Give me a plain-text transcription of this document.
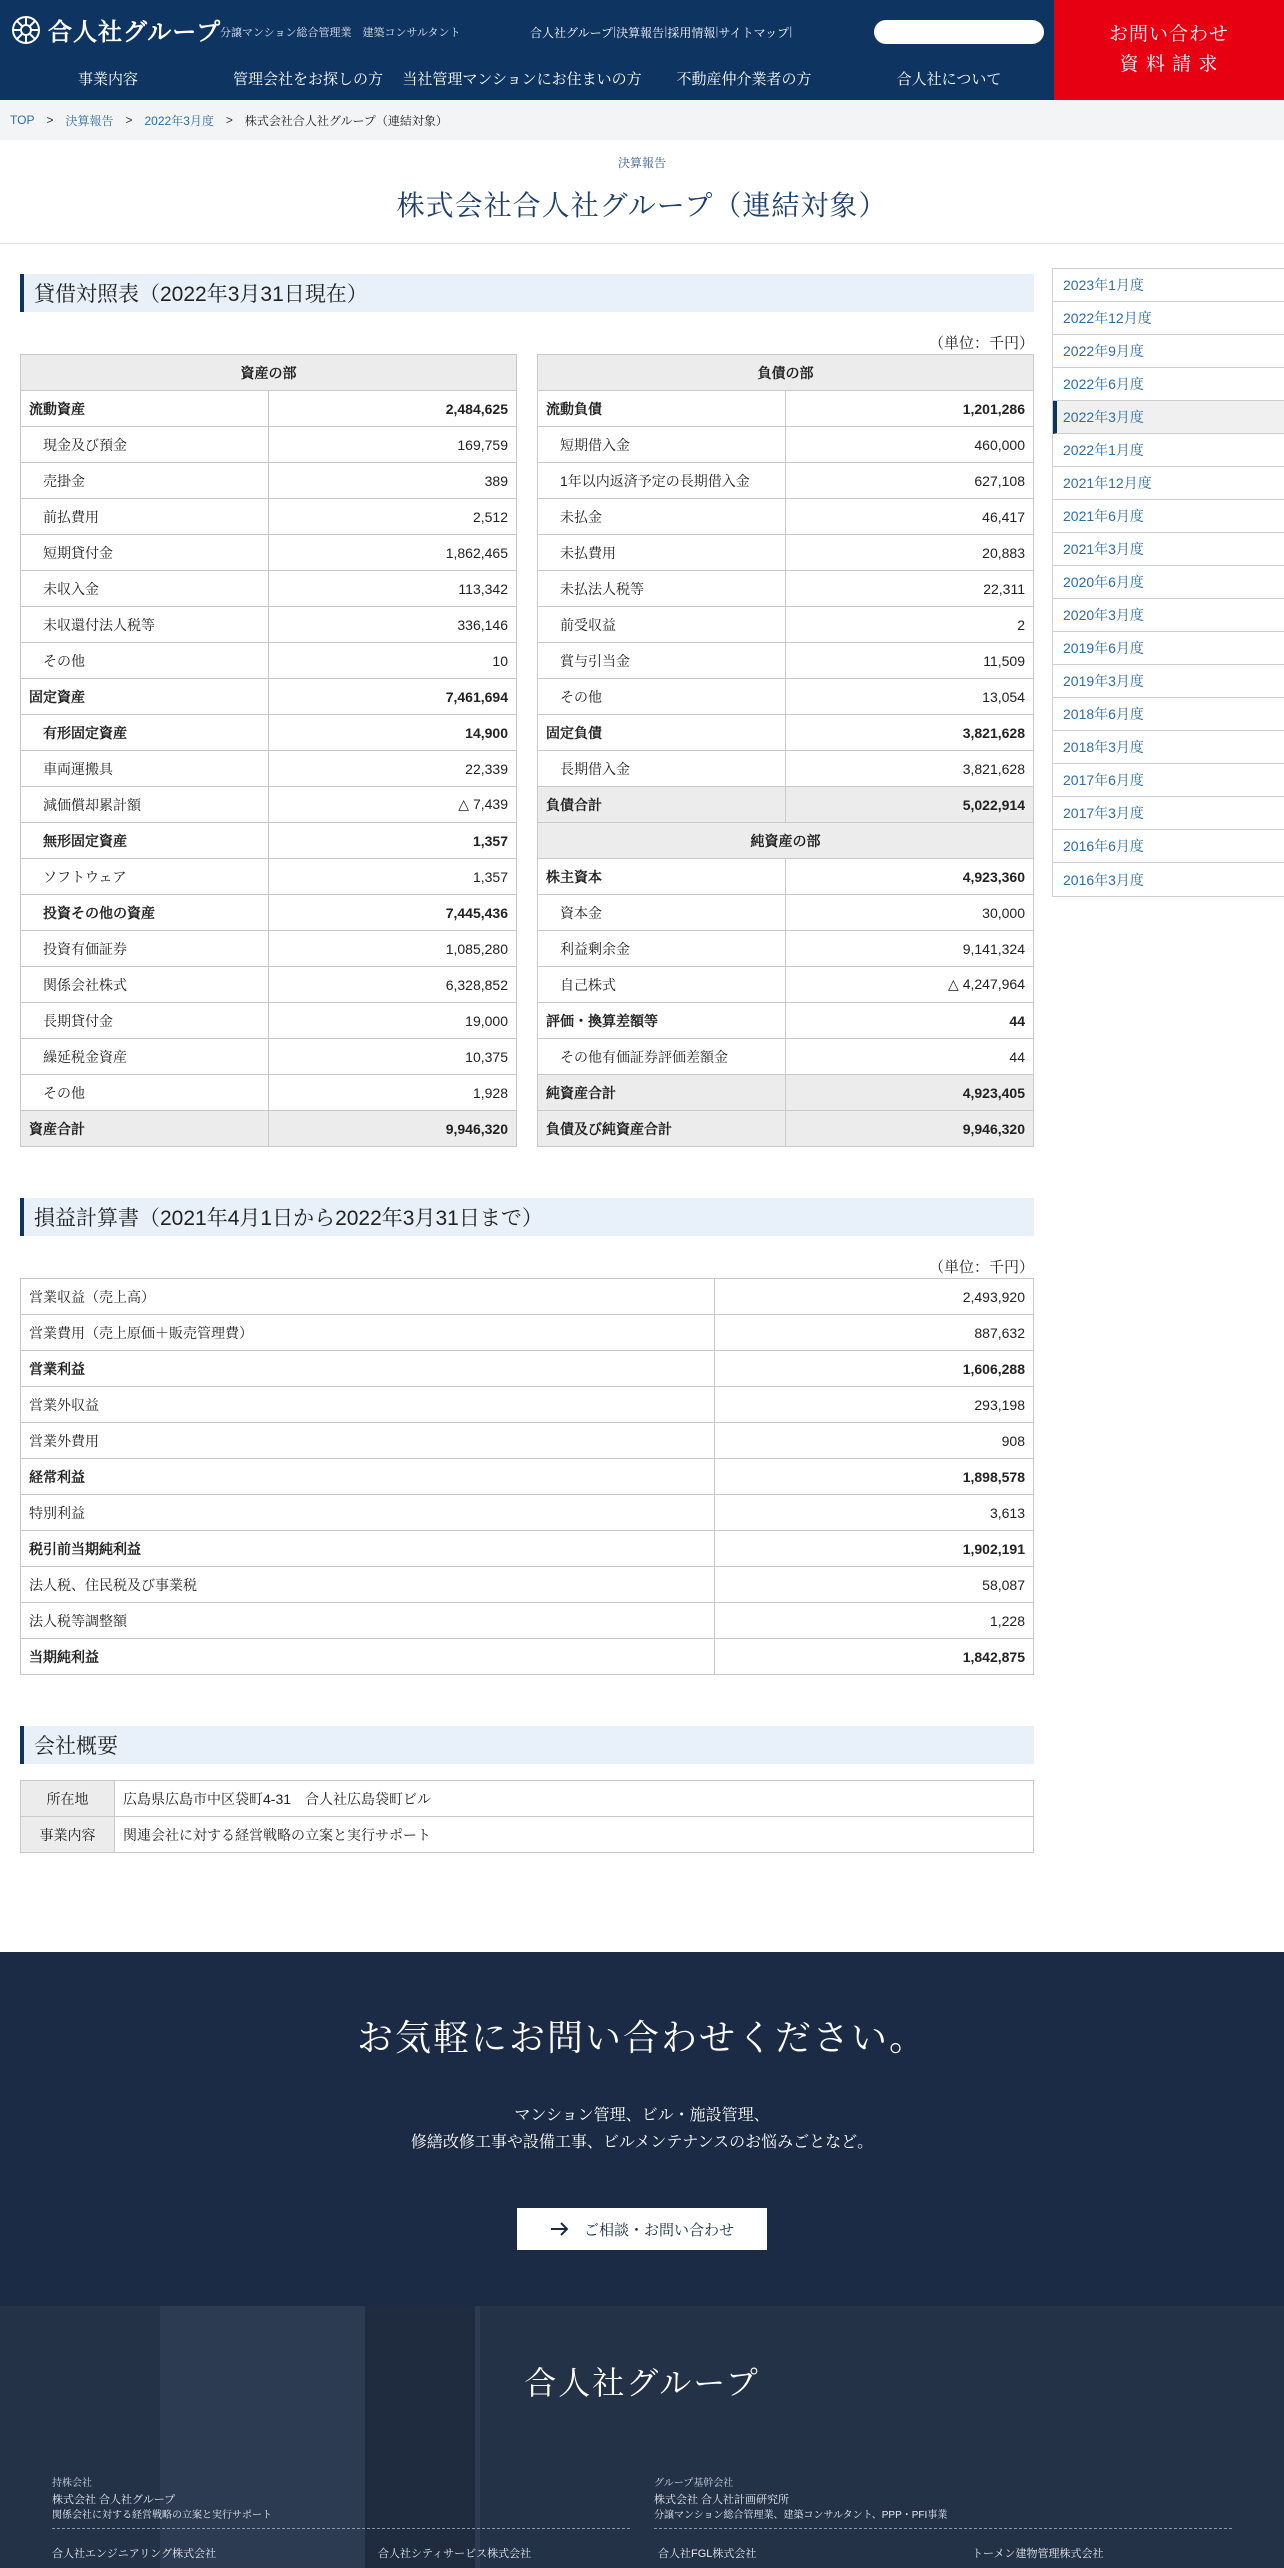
合人社グループ
分譲マンション総合管理業　建築コンサルタント	合人社グループ | 決算報告 | 採用情報 | サイトマップ |	お問い合わせ
資 料 請 求
事業内容	管理会社をお探しの方	当社管理マンションにお住まいの方	不動産仲介業者の方	合人社について
TOP > 決算報告 > 2022年3月度 > 株式会社合人社グループ（連結対象）
決算報告
株式会社合人社グループ（連結対象）
貸借対照表（2022年3月31日現在）
（単位：千円）
資産の部	
流動資産	2,484,625
現金及び預金	169,759
売掛金	389
前払費用	2,512
短期貸付金	1,862,465
未収入金	113,342
未収還付法人税等	336,146
その他	10
固定資産	7,461,694
有形固定資産	14,900
車両運搬具	22,339
減価償却累計額	△ 7,439
無形固定資産	1,357
ソフトウェア	1,357
投資その他の資産	7,445,436
投資有価証券	1,085,280
関係会社株式	6,328,852
長期貸付金	19,000
繰延税金資産	10,375
その他	1,928
資産合計	9,946,320
負債の部	
流動負債	1,201,286
短期借入金	460,000
1年以内返済予定の長期借入金	627,108
未払金	46,417
未払費用	20,883
未払法人税等	22,311
前受収益	2
賞与引当金	11,509
その他	13,054
固定負債	3,821,628
長期借入金	3,821,628
負債合計	5,022,914
純資産の部	
株主資本	4,923,360
資本金	30,000
利益剰余金	9,141,324
自己株式	△ 4,247,964
評価・換算差額等	44
その他有価証券評価差額金	44
純資産合計	4,923,405
負債及び純資産合計	9,946,320
損益計算書（2021年4月1日から2022年3月31日まで）
（単位：千円）
営業収益（売上高）	2,493,920
営業費用（売上原価＋販売管理費）	887,632
営業利益	1,606,288
営業外収益	293,198
営業外費用	908
経常利益	1,898,578
特別利益	3,613
税引前当期純利益	1,902,191
法人税、住民税及び事業税	58,087
法人税等調整額	1,228
当期純利益	1,842,875
会社概要
所在地	広島県広島市中区袋町4-31　合人社広島袋町ビル
事業内容	関連会社に対する経営戦略の立案と実行サポート
2023年1月度
2022年12月度
2022年9月度
2022年6月度
2022年3月度
2022年1月度
2021年12月度
2021年6月度
2021年3月度
2020年6月度
2020年3月度
2019年6月度
2019年3月度
2018年6月度
2018年3月度
2017年6月度
2017年3月度
2016年6月度
2016年3月度
お気軽にお問い合わせください。
マンション管理、ビル・施設管理、
修繕改修工事や設備工事、ビルメンテナンスのお悩みごとなど。
ご相談・お問い合わせ
合人社グループ
持株会社
株式会社 合人社グループ
関係会社に対する経営戦略の立案と実行サポート
グループ基幹会社
株式会社 合人社計画研究所
分譲マンション総合管理業、建築コンサルタント、PPP・PFI事業
合人社エンジニアリング株式会社	合人社シティサービス株式会社	合人社FGL株式会社	トーメン建物管理株式会社
